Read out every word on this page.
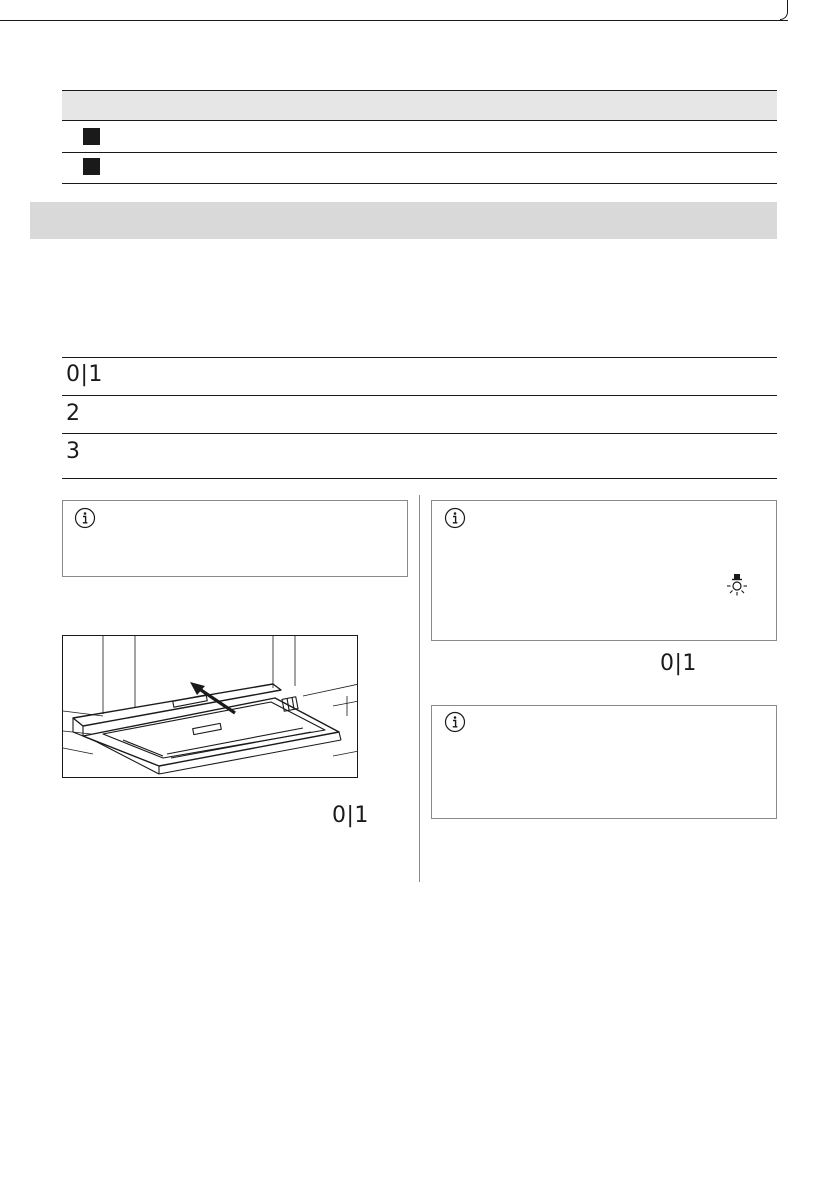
0|1
2
3
0|1
0|1
